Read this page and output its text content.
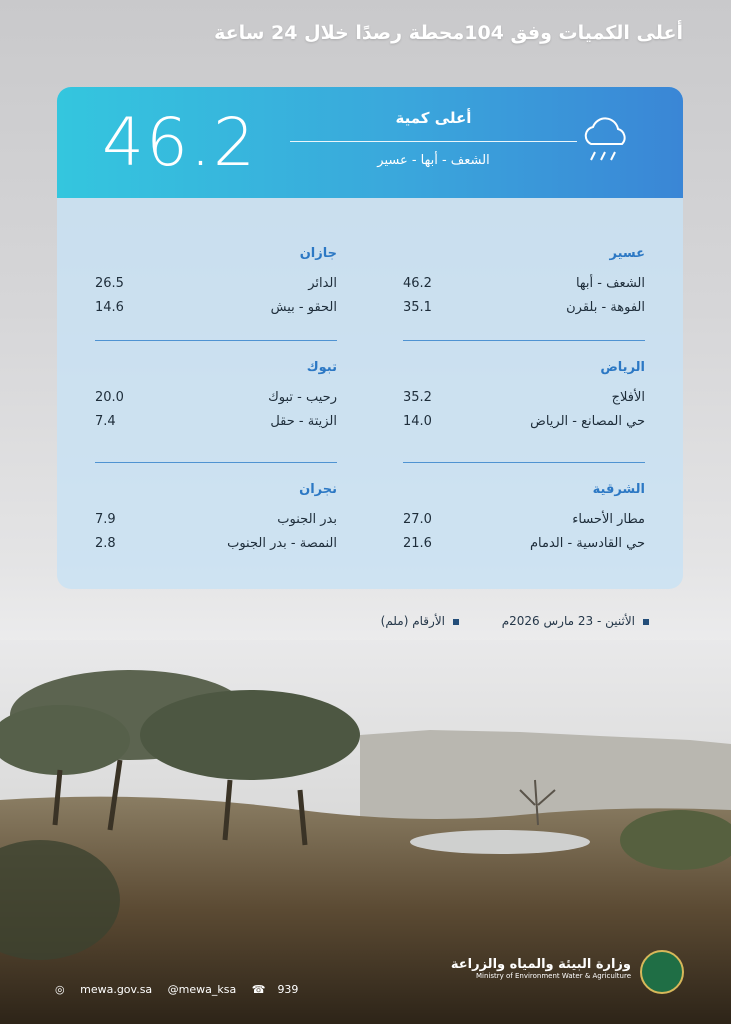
أعلى الكميات وفق 104محطة رصدًا خلال 24 ساعة
46.2	أعلى كمية
الشعف - أبها - عسير
عسير
الشعف - أبها
46.2
الفوهة - بلقرن
35.1
الرياض
الأفلاج
35.2
حي المصانع - الرياض
14.0
الشرقية
مطار الأحساء
27.0
حي القادسية - الدمام
21.6
جازان
الدائر
26.5
الحقو - بيش
14.6
تبوك
رحيب - تبوك
20.0
الزيتة - حقل
7.4
نجران
بدر الجنوب
7.9
النمصة - بدر الجنوب
2.8
الأثنين - 23 مارس 2026م
الأرقام (ملم)
◎ mewa.gov.sa @mewa_ksa ☎ 939
وزارة البيئة والمياه والزراعة
Ministry of Environment Water & Agriculture
